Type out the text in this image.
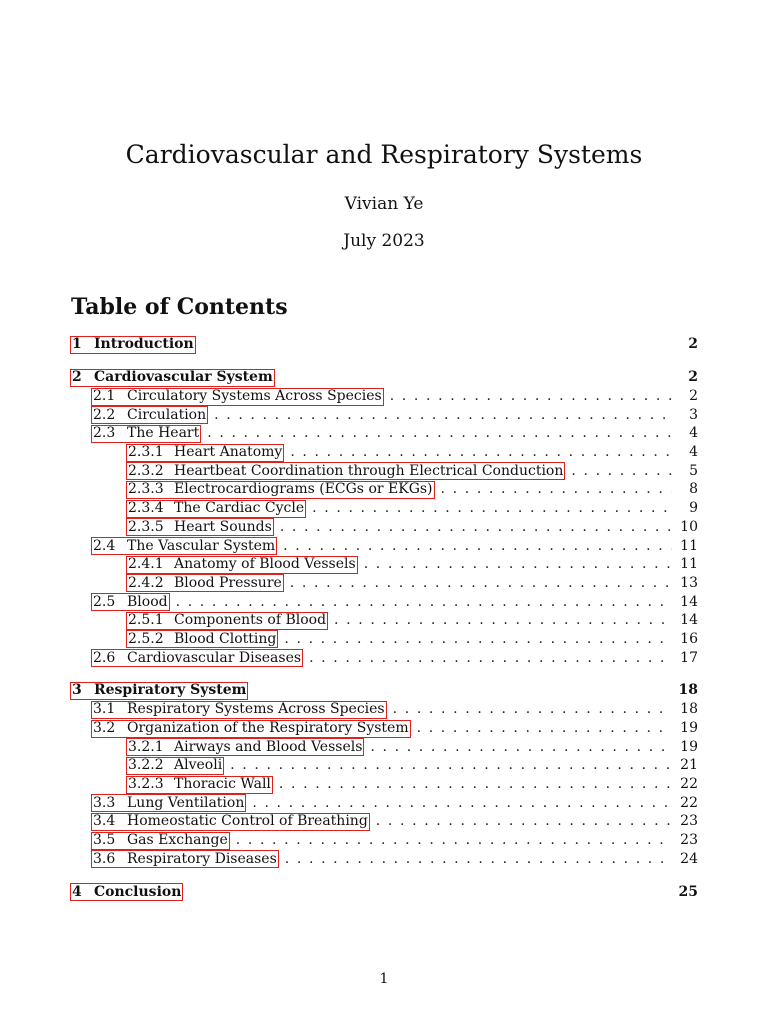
Cardiovascular and Respiratory Systems
Vivian Ye
July 2023
Table of Contents
1 Introduction	2
2 Cardiovascular System	2
2.1 Circulatory Systems Across Species . . .	2
2.2 Circulation . . .	3
2.3 The Heart . . .	4
2.3.1 Heart Anatomy . . .	4
2.3.2 Heartbeat Coordination through Electrical Conduction . . .	5
2.3.3 Electrocardiograms (ECGs or EKGs) . . .	8
2.3.4 The Cardiac Cycle . . .	9
2.3.5 Heart Sounds . . .	10
2.4 The Vascular System . . .	11
2.4.1 Anatomy of Blood Vessels . . .	11
2.4.2 Blood Pressure . . .	13
2.5 Blood . . .	14
2.5.1 Components of Blood . . .	14
2.5.2 Blood Clotting . . .	16
2.6 Cardiovascular Diseases . . .	17
3 Respiratory System	18
3.1 Respiratory Systems Across Species . . .	18
3.2 Organization of the Respiratory System . . .	19
3.2.1 Airways and Blood Vessels . . .	19
3.2.2 Alveoli . . .	21
3.2.3 Thoracic Wall . . .	22
3.3 Lung Ventilation . . .	22
3.4 Homeostatic Control of Breathing . . .	23
3.5 Gas Exchange . . .	23
3.6 Respiratory Diseases . . .	24
4 Conclusion	25
1
